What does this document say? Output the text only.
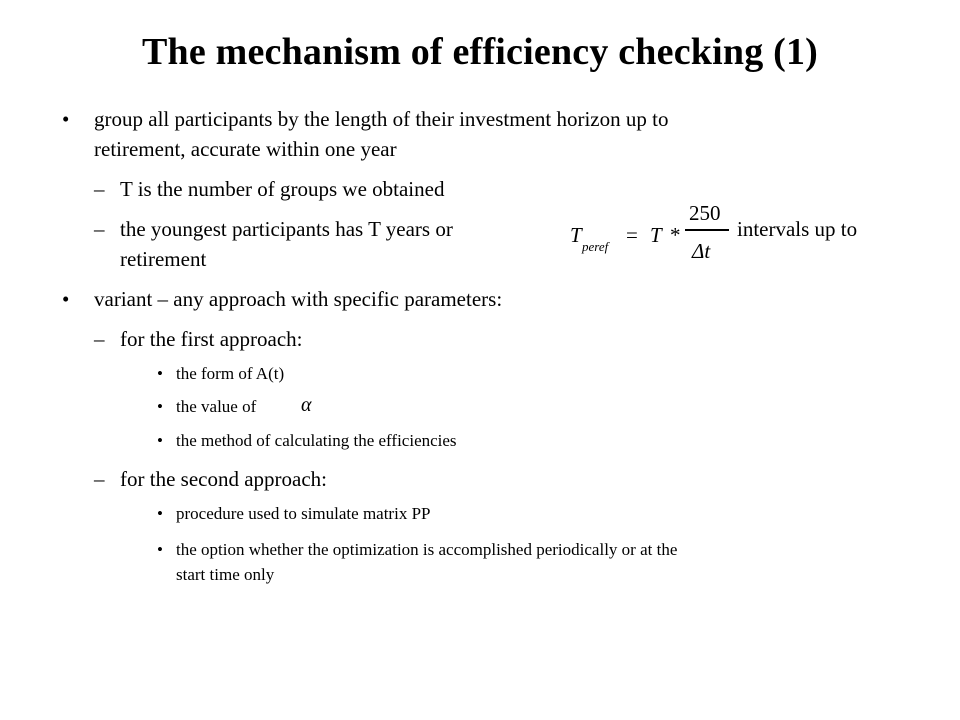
The mechanism of efficiency checking (1)
• group all participants by the length of their investment horizon up to
retirement, accurate within one year
– T is the number of groups we obtained
– the youngest participants has T years or	intervals up to
retirement
T peref = T *
250
Δt
• variant – any approach with specific parameters:
– for the first approach:
• the form of A(t)
• the value of α
• the method of calculating the efficiencies
– for the second approach:
• procedure used to simulate matrix PP
• the option whether the optimization is accomplished periodically or at the
start time only
